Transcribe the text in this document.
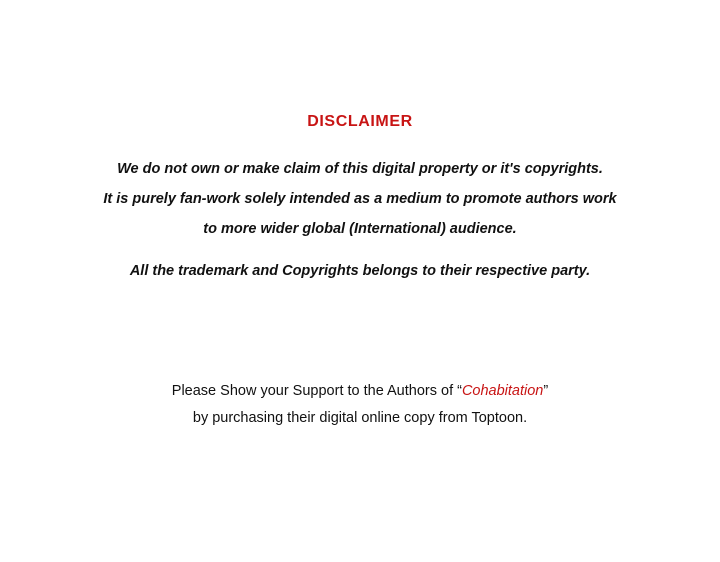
DISCLAIMER

We do not own or make claim of this digital property or it's copyrights.

It is purely fan-work solely intended as a medium to promote authors work

to more wider global (International) audience.

All the trademark and Copyrights belongs to their respective party.

Please Show your Support to the Authors of “Cohabitation”

by purchasing their digital online copy from Toptoon.
